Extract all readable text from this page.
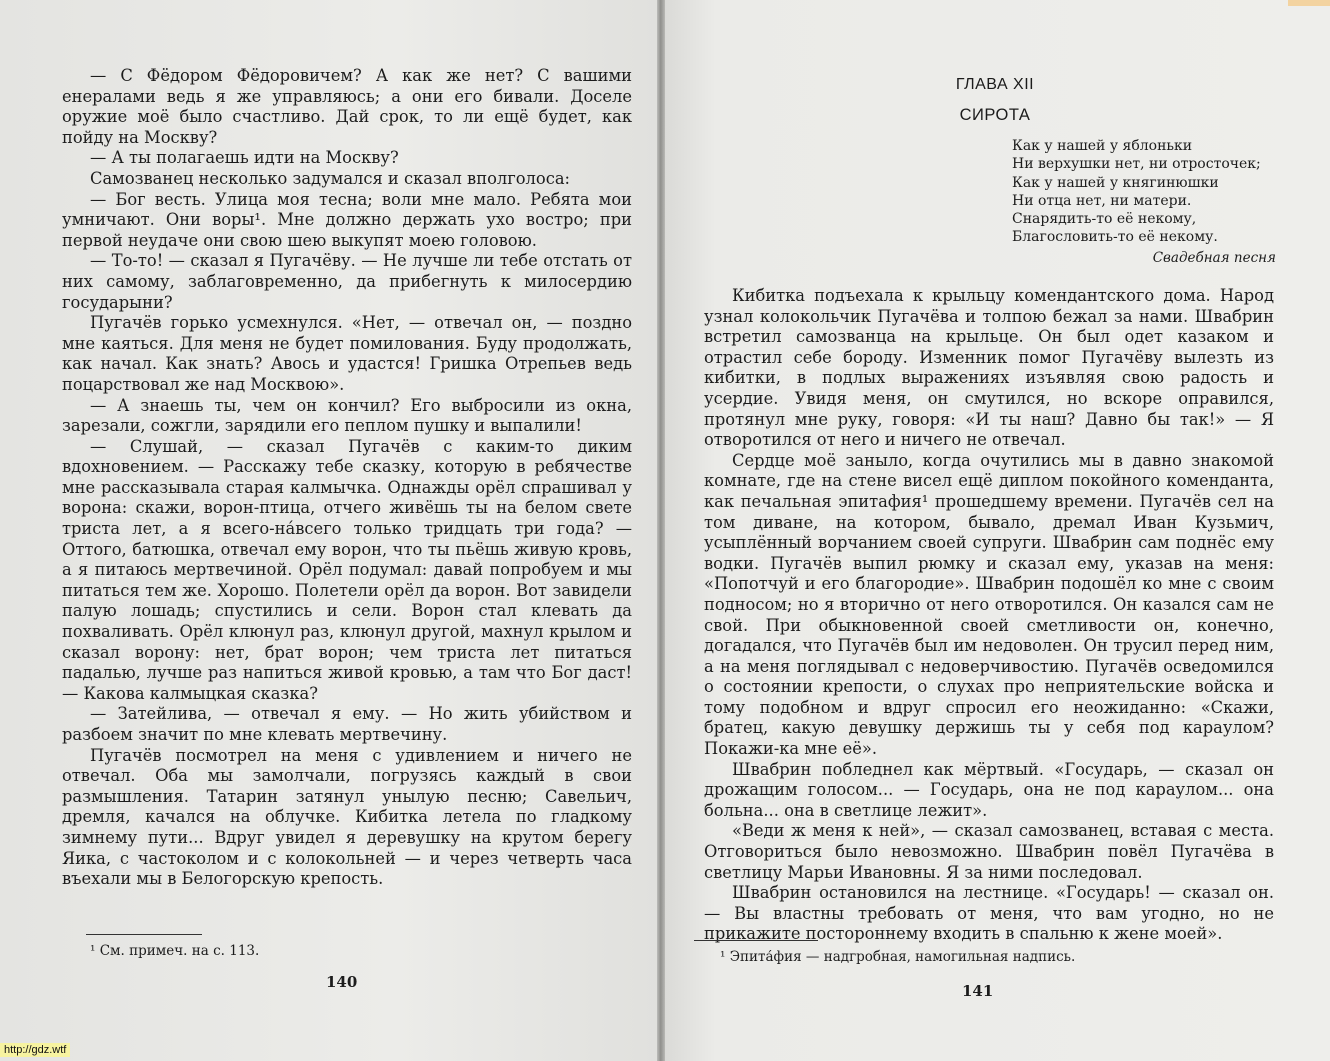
— С Фёдором Фёдоровичем? А как же нет? С вашими енералами ведь я же управляюсь; а они его бивали. Доселе оружие моё было счастливо. Дай срок, то ли ещё будет, как пойду на Москву?

— А ты полагаешь идти на Москву?

Самозванец несколько задумался и сказал вполголоса:

— Бог весть. Улица моя тесна; воли мне мало. Ребята мои умничают. Они воры¹. Мне должно держать ухо востро; при первой неудаче они свою шею выкупят моею головою.

— То-то! — сказал я Пугачёву. — Не лучше ли тебе отстать от них самому, заблаговременно, да прибегнуть к милосердию государыни?

Пугачёв горько усмехнулся. «Нет, — отвечал он, — поздно мне каяться. Для меня не будет помилования. Буду продолжать, как начал. Как знать? Авось и удастся! Гришка Отрепьев ведь поцарствовал же над Москвою».

— А знаешь ты, чем он кончил? Его выбросили из окна, зарезали, сожгли, зарядили его пеплом пушку и выпалили!

— Слушай, — сказал Пугачёв с каким-то диким вдохновением. — Расскажу тебе сказку, которую в ребячестве мне рассказывала старая калмычка. Однажды орёл спрашивал у ворона: скажи, ворон-птица, отчего живёшь ты на белом свете триста лет, а я всего-на́всего только тридцать три года? — Оттого, батюшка, отвечал ему ворон, что ты пьёшь живую кровь, а я питаюсь мертвечиной. Орёл подумал: давай попробуем и мы питаться тем же. Хорошо. Полетели орёл да ворон. Вот завидели палую лошадь; спустились и сели. Ворон стал клевать да похваливать. Орёл клюнул раз, клюнул другой, махнул крылом и сказал ворону: нет, брат ворон; чем триста лет питаться падалью, лучше раз напиться живой кровью, а там что Бог даст! — Какова калмыцкая сказка?

— Затейлива, — отвечал я ему. — Но жить убийством и разбоем значит по мне клевать мертвечину.

Пугачёв посмотрел на меня с удивлением и ничего не отвечал. Оба мы замолчали, погрузясь каждый в свои размышления. Татарин затянул унылую песню; Савельич, дремля, качался на облучке. Кибитка летела по гладкому зимнему пути... Вдруг увидел я деревушку на крутом берегу Яика, с частоколом и с колокольней — и через четверть часа въехали мы в Белогорскую крепость.

¹ См. примеч. на с. 113.
140
ГЛАВА XII
СИРОТА
Как у нашей у яблоньки
Ни верхушки нет, ни отросточек;
Как у нашей у княгинюшки
Ни отца нет, ни матери.
Снарядить-то её некому,
Благословить-то её некому.
Свадебная песня

Кибитка подъехала к крыльцу комендантского дома. Народ узнал колокольчик Пугачёва и толпою бежал за нами. Швабрин встретил самозванца на крыльце. Он был одет казаком и отрастил себе бороду. Изменник помог Пугачёву вылезть из кибитки, в подлых выражениях изъявляя свою радость и усердие. Увидя меня, он смутился, но вскоре оправился, протянул мне руку, говоря: «И ты наш? Давно бы так!» — Я отворотился от него и ничего не отвечал.

Сердце моё заныло, когда очутились мы в давно знакомой комнате, где на стене висел ещё диплом покойного коменданта, как печальная эпитафия¹ прошедшему времени. Пугачёв сел на том диване, на котором, бывало, дремал Иван Кузьмич, усыплённый ворчанием своей супруги. Швабрин сам поднёс ему водки. Пугачёв выпил рюмку и сказал ему, указав на меня: «Попотчуй и его благородие». Швабрин подошёл ко мне с своим подносом; но я вторично от него отворотился. Он казался сам не свой. При обыкновенной своей сметливости он, конечно, догадался, что Пугачёв был им недоволен. Он трусил перед ним, а на меня поглядывал с недоверчивостию. Пугачёв осведомился о состоянии крепости, о слухах про неприятельские войска и тому подобном и вдруг спросил его неожиданно: «Скажи, братец, какую девушку держишь ты у себя под караулом? Покажи-ка мне её».

Швабрин побледнел как мёртвый. «Государь, — сказал он дрожащим голосом... — Государь, она не под караулом... она больна... она в светлице лежит».

«Веди ж меня к ней», — сказал самозванец, вставая с места. Отговориться было невозможно. Швабрин повёл Пугачёва в светлицу Марьи Ивановны. Я за ними последовал.

Швабрин остановился на лестнице. «Государь! — сказал он. — Вы властны требовать от меня, что вам угодно, но не прикажите постороннему входить в спальню к жене моей».

¹ Эпита́фия — надгробная, намогильная надпись.
141
http://gdz.wtf
